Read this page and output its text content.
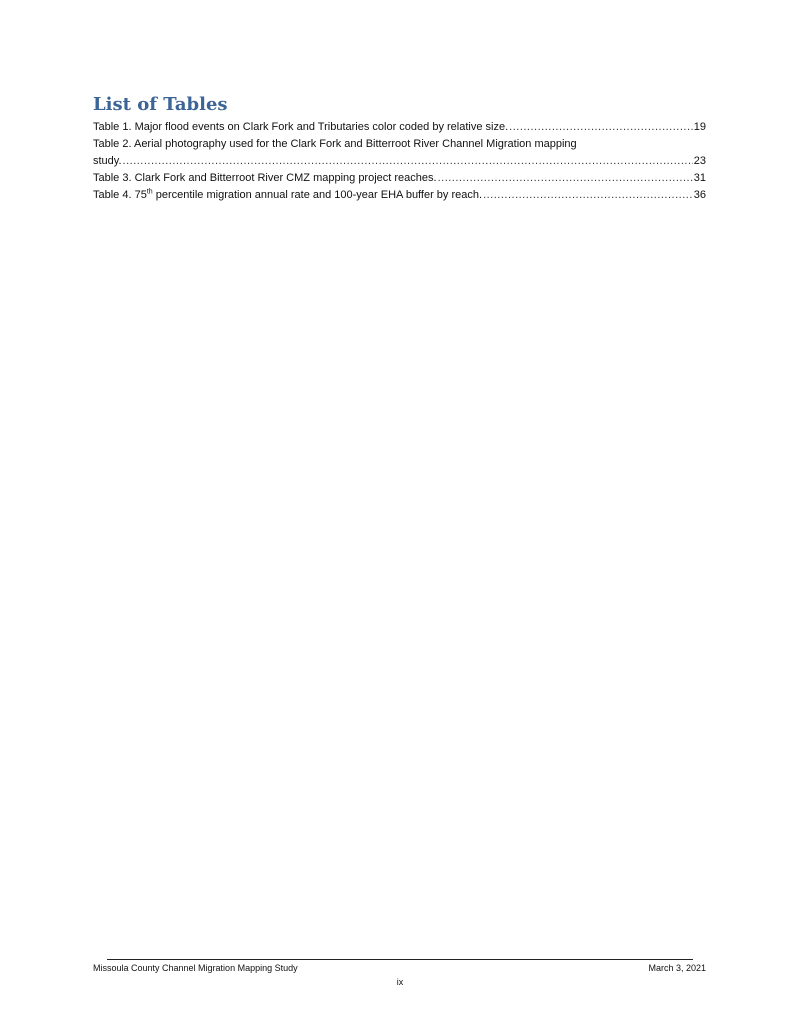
List of Tables
Table 1. Major flood events on Clark Fork and Tributaries color coded by relative size. .....	19
Table 2. Aerial photography used for the Clark Fork and Bitterroot River Channel Migration mapping
study. .....	23
Table 3. Clark Fork and Bitterroot River CMZ mapping project reaches. .....	31
Table 4. 75th percentile migration annual rate and 100-year EHA buffer by reach. .....	36
Missoula County Channel Migration Mapping Study	March 3, 2021
ix
